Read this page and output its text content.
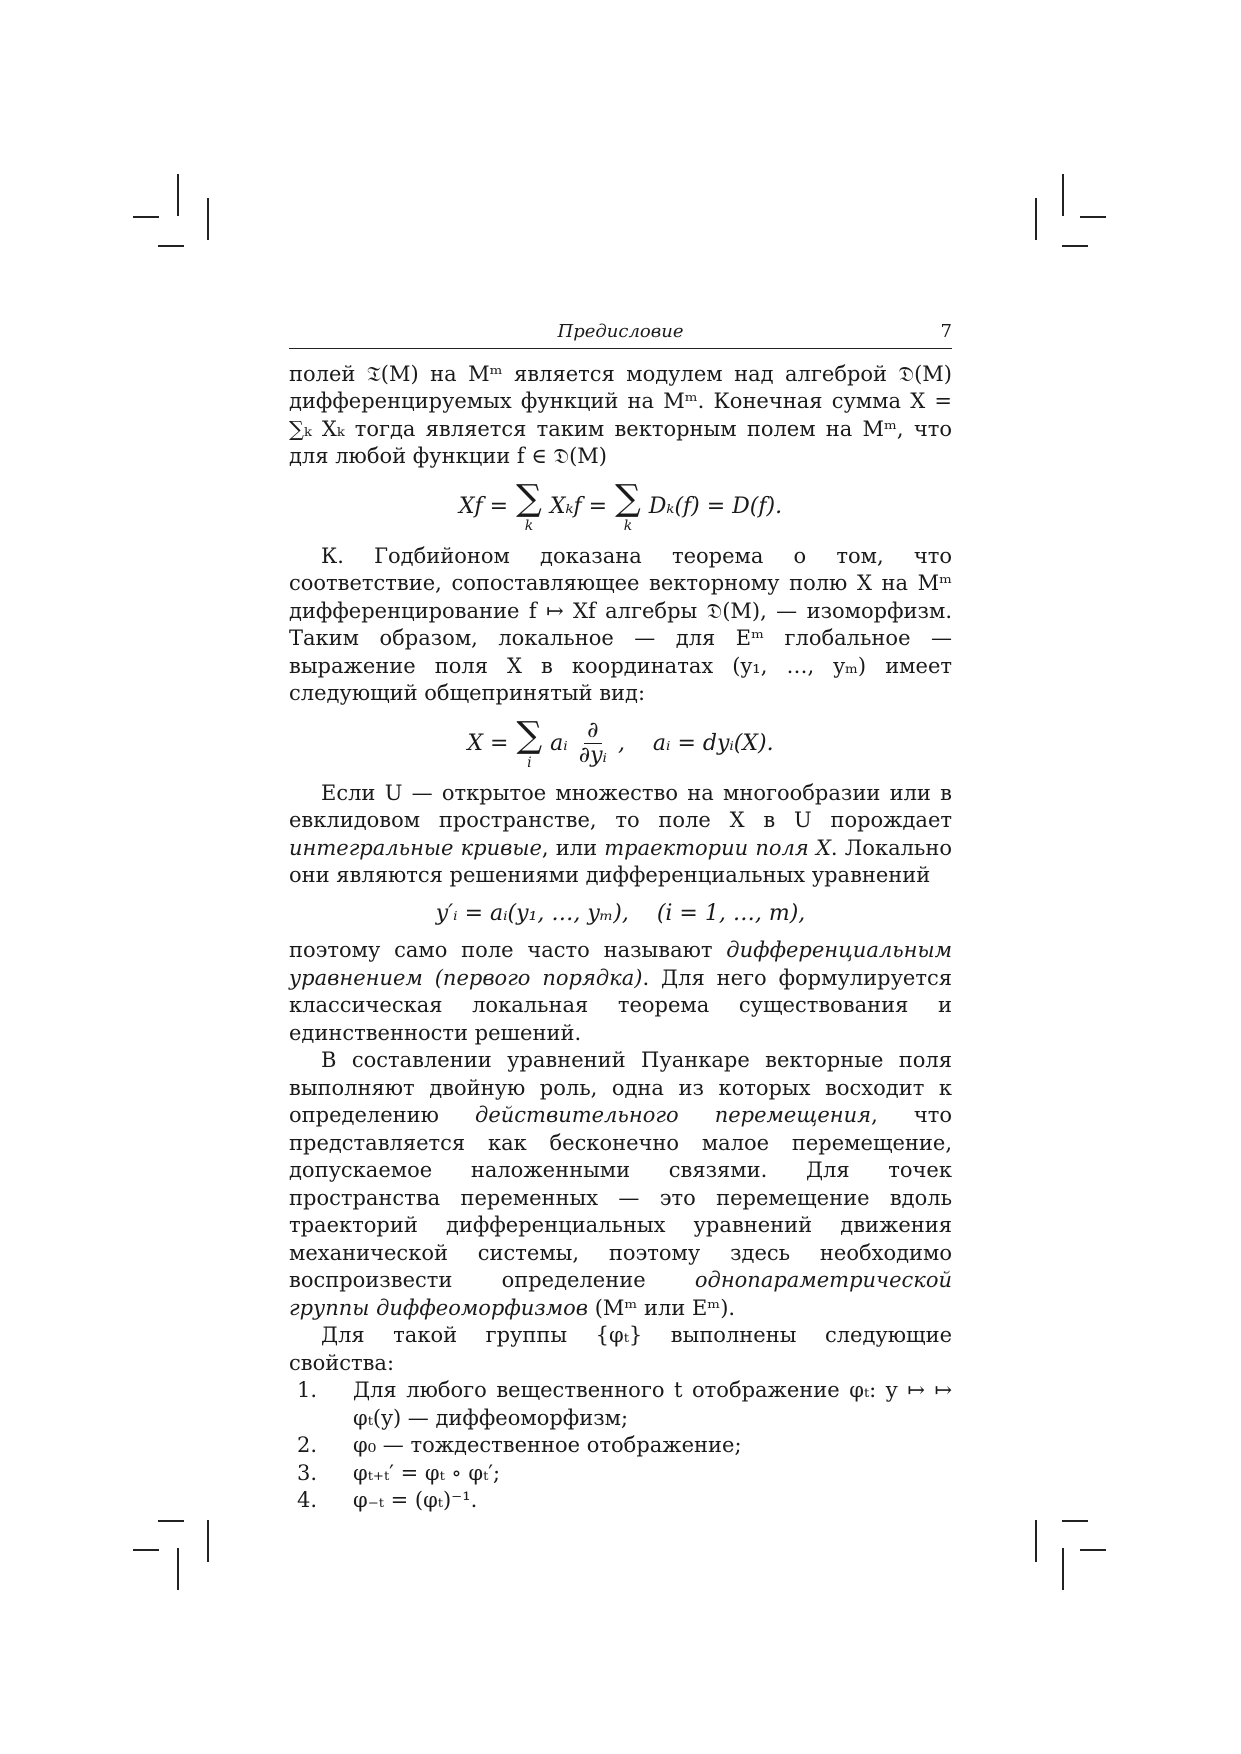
Предисловие	7

полей 𝔗(M) на Mᵐ является модулем над алгеброй 𝔇(M) дифференцируемых функций на Mᵐ. Конечная сумма X = ∑ₖ Xₖ тогда является таким векторным полем на Mᵐ, что для любой функции f ∈ 𝔇(M)

Xf = ∑
k
Xₖf = ∑
k
Dₖ(f) = D(f).

К. Годбийоном доказана теорема о том, что соответствие, сопоставляющее векторному полю X на Mᵐ дифференцирование f ↦ Xf алгебры 𝔇(M), — изоморфизм. Таким образом, локальное — для Eᵐ глобальное — выражение поля X в координатах (y₁, …, yₘ) имеет следующий общепринятый вид:

X = ∑
i
aᵢ $\frac{\partial}{\text{∂yᵢ}}$ ,    aᵢ = dyᵢ(X).

Если U — открытое множество на многообразии или в евклидовом пространстве, то поле X в U порождает интегральные кривые, или траектории поля X. Локально они являются решениями дифференциальных уравнений

y′ᵢ = aᵢ(y₁, …, yₘ),    (i = 1, …, m),

поэтому само поле часто называют дифференциальным уравнением (первого порядка). Для него формулируется классическая локальная теорема существования и единственности решений.

В составлении уравнений Пуанкаре векторные поля выполняют двойную роль, одна из которых восходит к определению действительного перемещения, что представляется как бесконечно малое перемещение, допускаемое наложенными связями. Для точек пространства переменных — это перемещение вдоль траекторий дифференциальных уравнений движения механической системы, поэтому здесь необходимо воспроизвести определение однопараметрической группы диффеоморфизмов (Mᵐ или Eᵐ).

Для такой группы {φₜ} выполнены следующие свойства:

1.	Для любого вещественного t отображение φₜ: y ↦ ↦ φₜ(y) — диффеоморфизм;
2.	φ₀ — тождественное отображение;
3.	φₜ₊ₜ′ = φₜ ∘ φₜ′;
4.	φ₋ₜ = (φₜ)⁻¹.
